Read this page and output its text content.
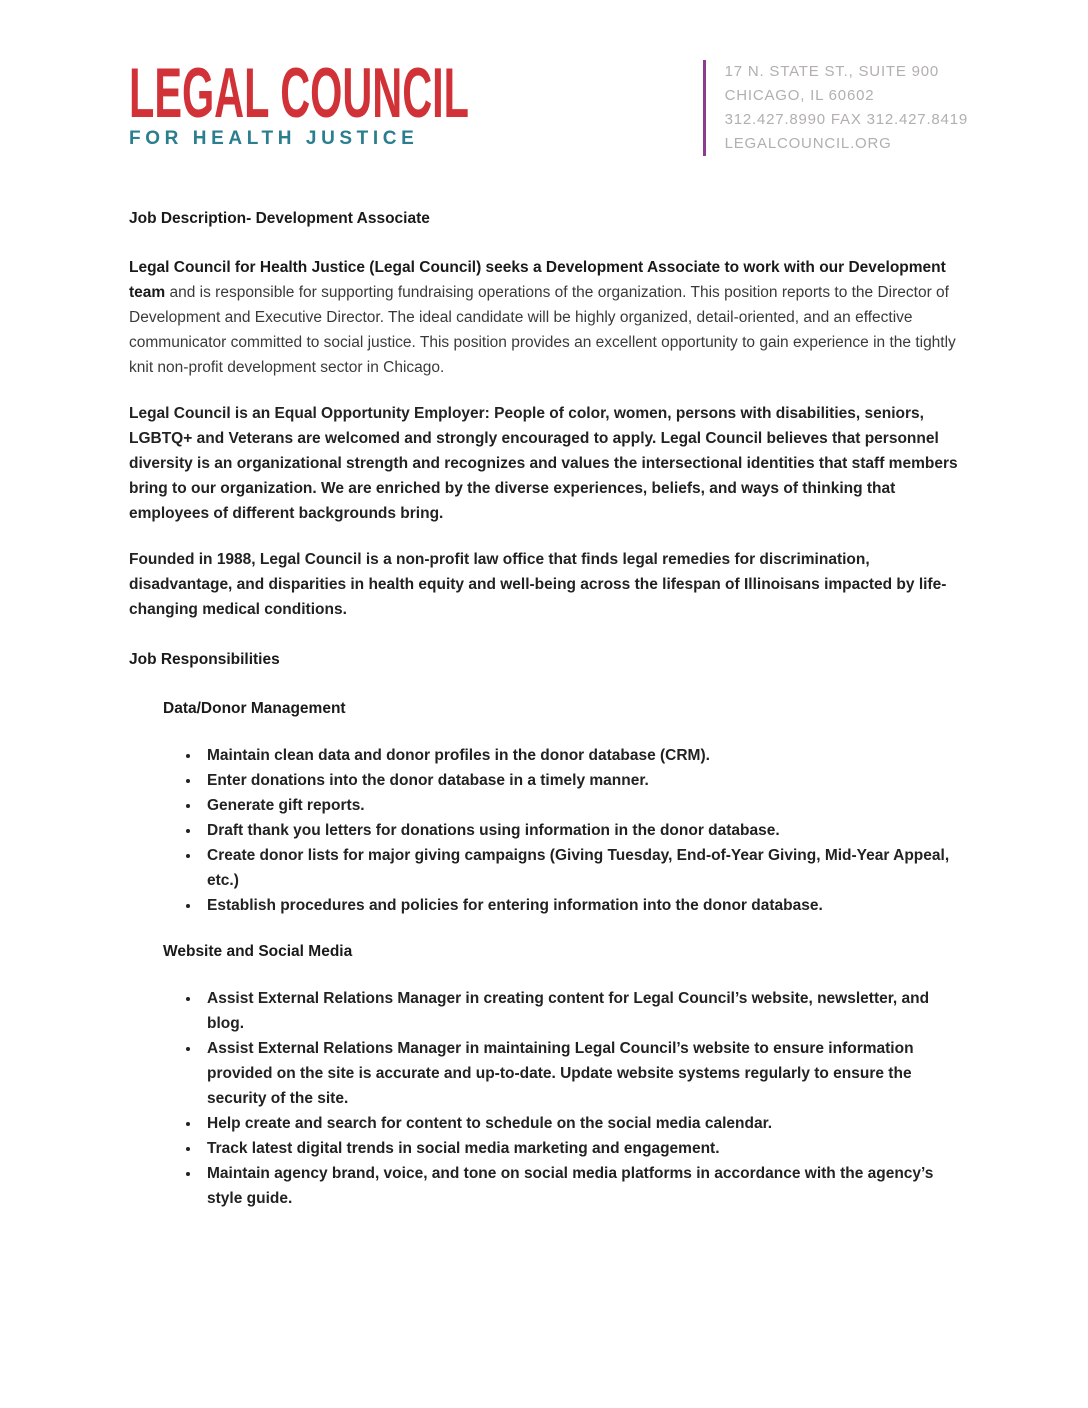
LEGAL COUNCIL
FOR HEALTH JUSTICE
17 N. STATE ST., SUITE 900
CHICAGO, IL 60602
312.427.8990 FAX 312.427.8419
LEGALCOUNCIL.ORG

Job Description- Development Associate

Legal Council for Health Justice (Legal Council) seeks a Development Associate to work with our Development team and is responsible for supporting fundraising operations of the organization. This position reports to the Director of Development and Executive Director. The ideal candidate will be highly organized, detail-oriented, and an effective communicator committed to social justice. This position provides an excellent opportunity to gain experience in the tightly knit non-profit development sector in Chicago.

Legal Council is an Equal Opportunity Employer: People of color, women, persons with disabilities, seniors, LGBTQ+ and Veterans are welcomed and strongly encouraged to apply. Legal Council believes that personnel diversity is an organizational strength and recognizes and values the intersectional identities that staff members bring to our organization. We are enriched by the diverse experiences, beliefs, and ways of thinking that employees of different backgrounds bring.

Founded in 1988, Legal Council is a non-profit law office that finds legal remedies for discrimination, disadvantage, and disparities in health equity and well-being across the lifespan of Illinoisans impacted by life-changing medical conditions.

Job Responsibilities

Data/Donor Management

• Maintain clean data and donor profiles in the donor database (CRM).
• Enter donations into the donor database in a timely manner.
• Generate gift reports.
• Draft thank you letters for donations using information in the donor database.
• Create donor lists for major giving campaigns (Giving Tuesday, End-of-Year Giving, Mid-Year Appeal, etc.)
• Establish procedures and policies for entering information into the donor database.

Website and Social Media

• Assist External Relations Manager in creating content for Legal Council’s website, newsletter, and blog.
• Assist External Relations Manager in maintaining Legal Council’s website to ensure information provided on the site is accurate and up-to-date. Update website systems regularly to ensure the security of the site.
• Help create and search for content to schedule on the social media calendar.
• Track latest digital trends in social media marketing and engagement.
• Maintain agency brand, voice, and tone on social media platforms in accordance with the agency’s style guide.
